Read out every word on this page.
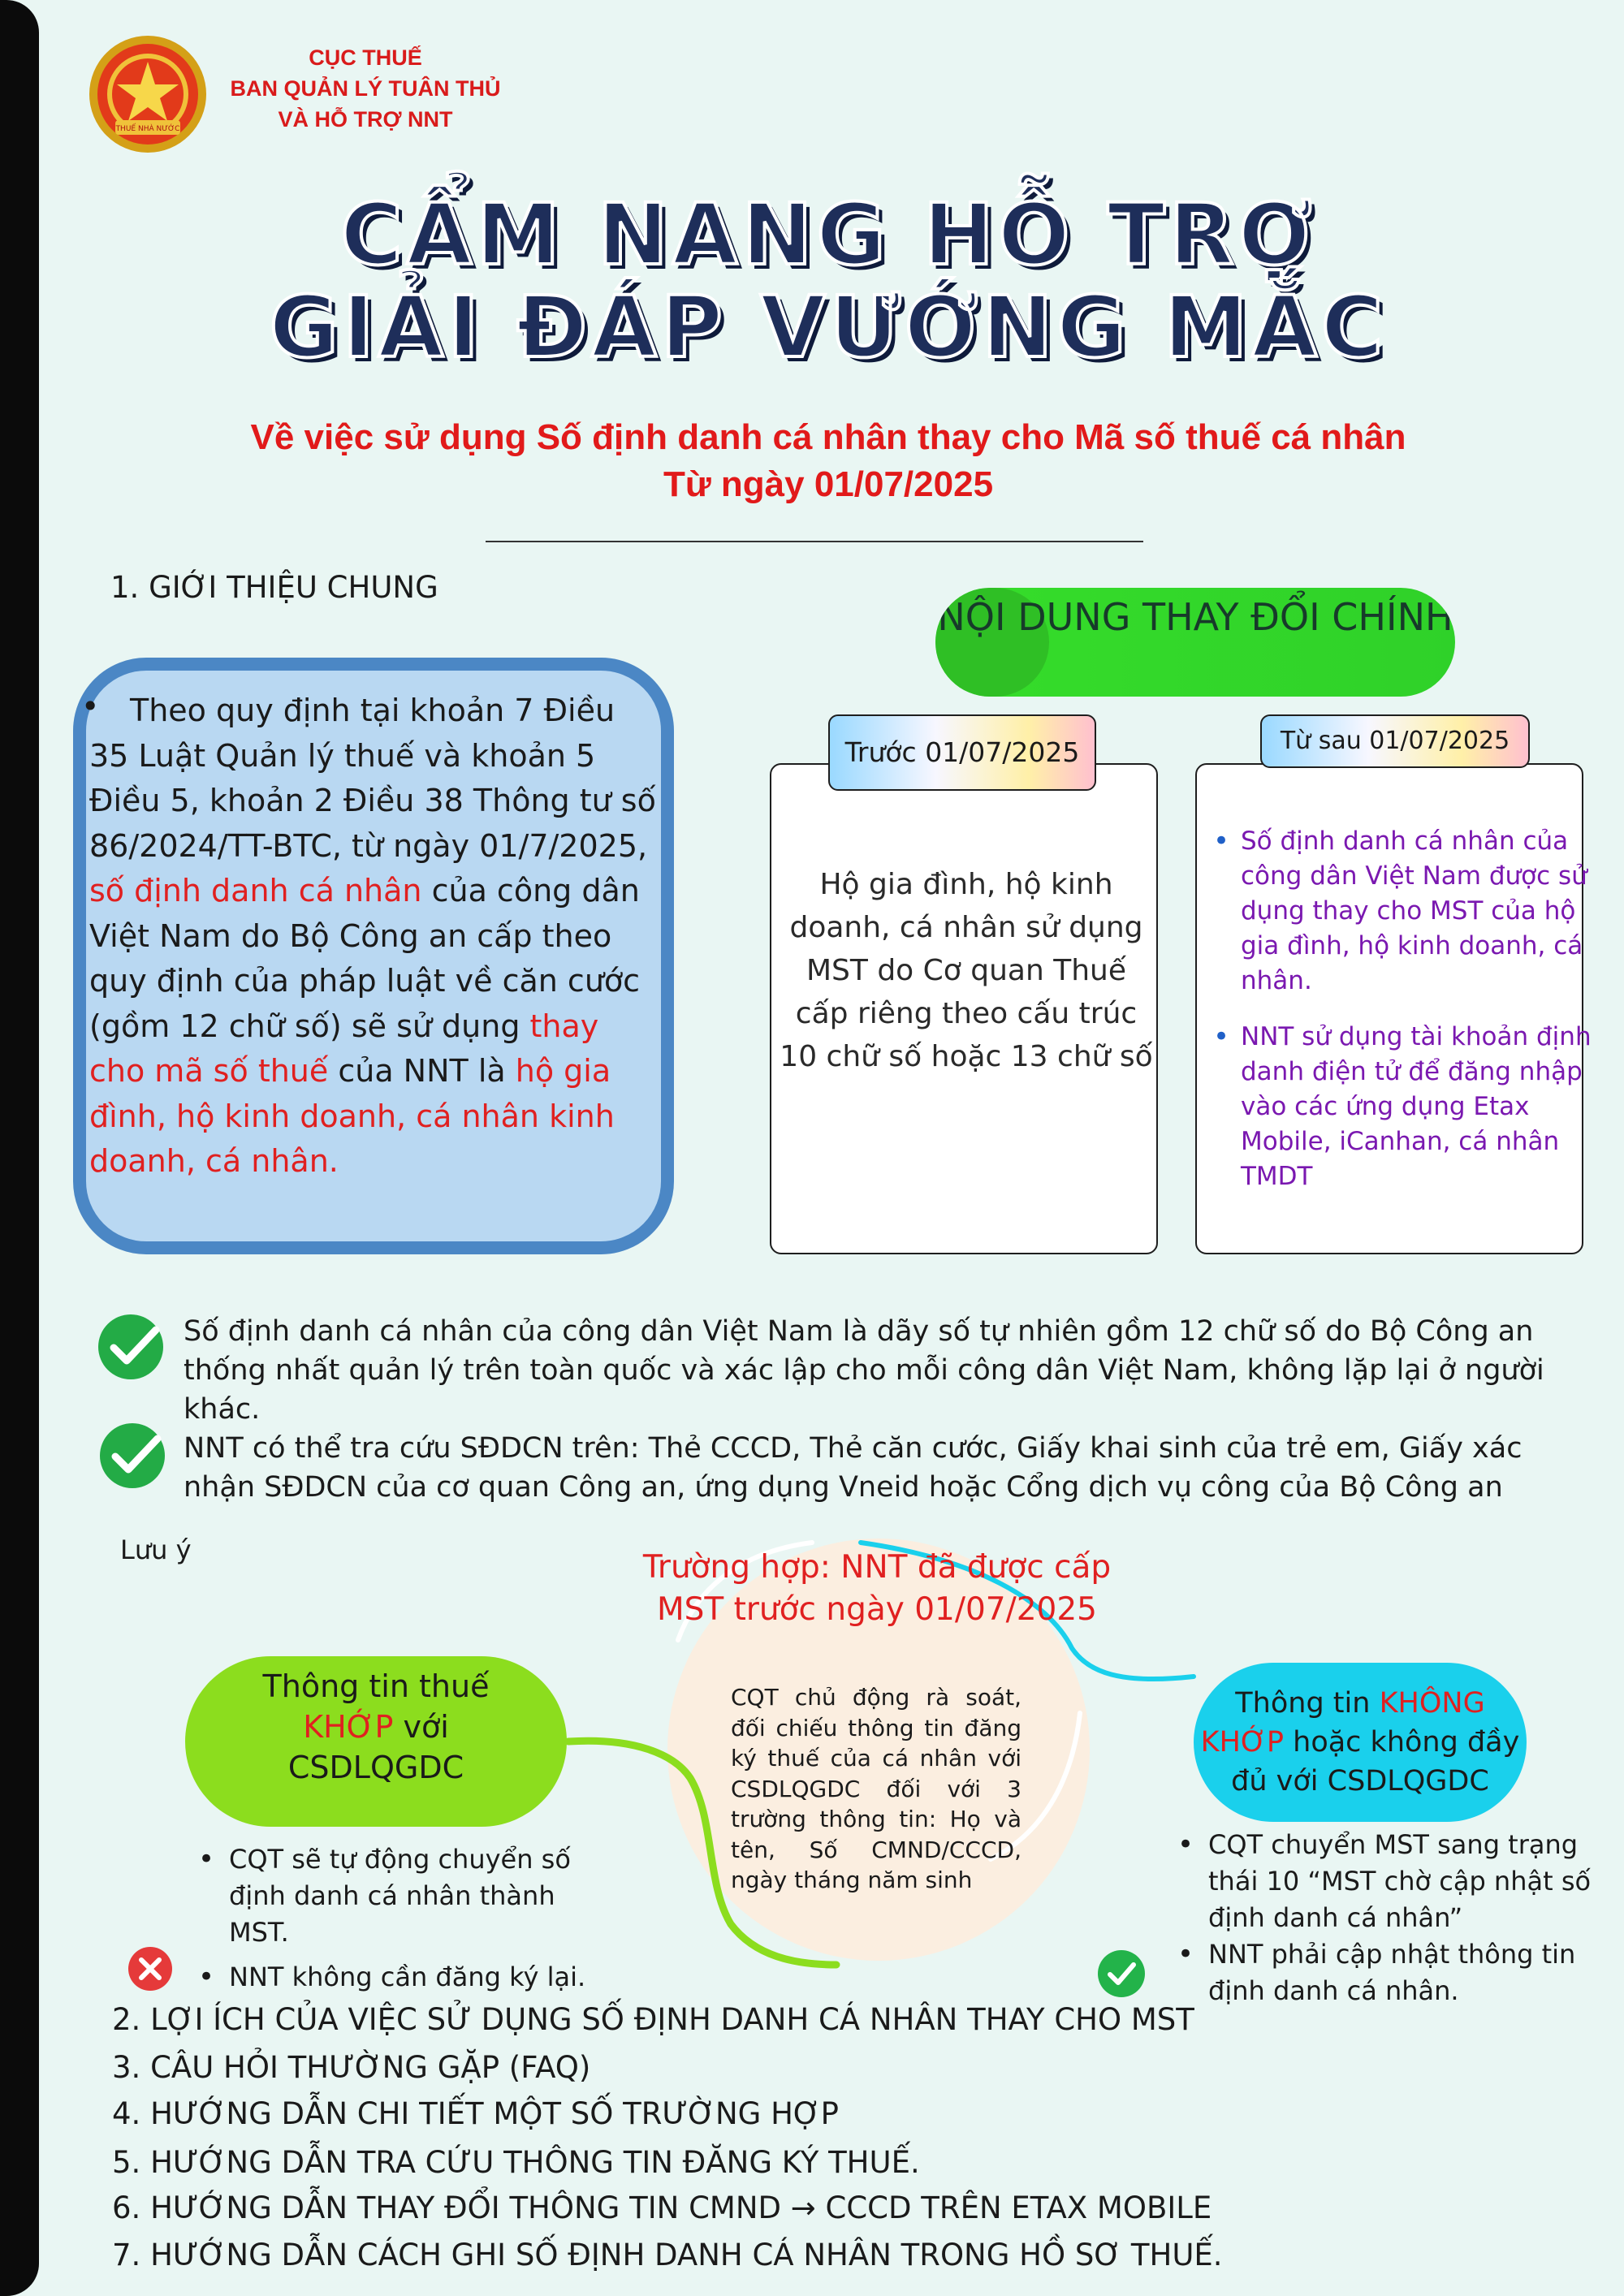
THUẾ NHÀ NƯỚC
CỤC THUẾ
BAN QUẢN LÝ TUÂN THỦ
VÀ HỖ TRỢ NNT
CẨM NANG HỖ TRỢ
GIẢI ĐÁP VƯỚNG MẮC
Về việc sử dụng Số định danh cá nhân thay cho Mã số thuế cá nhân
Từ ngày 01/07/2025
1. GIỚI THIỆU CHUNG
• Theo quy định tại khoản 7 Điều 35 Luật Quản lý thuế và khoản 5 Điều 5, khoản 2 Điều 38 Thông tư số 86/2024/TT-BTC, từ ngày 01/7/2025, số định danh cá nhân của công dân Việt Nam do Bộ Công an cấp theo quy định của pháp luật về căn cước (gồm 12 chữ số) sẽ sử dụng thay cho mã số thuế của NNT là hộ gia đình, hộ kinh doanh, cá nhân kinh doanh, cá nhân.
NỘI DUNG THAY ĐỔI CHÍNH
Trước 01/07/2025
Hộ gia đình, hộ kinh doanh, cá nhân sử dụng MST do Cơ quan Thuế cấp riêng theo cấu trúc 10 chữ số hoặc 13 chữ số
Từ sau 01/07/2025
• Số định danh cá nhân của công dân Việt Nam được sử dụng thay cho MST của hộ gia đình, hộ kinh doanh, cá nhân.
• NNT sử dụng tài khoản định danh điện tử để đăng nhập vào các ứng dụng Etax Mobile, iCanhan, cá nhân TMDT
Số định danh cá nhân của công dân Việt Nam là dãy số tự nhiên gồm 12 chữ số do Bộ Công an thống nhất quản lý trên toàn quốc và xác lập cho mỗi công dân Việt Nam, không lặp lại ở người khác.
NNT có thể tra cứu SĐDCN trên: Thẻ CCCD, Thẻ căn cước, Giấy khai sinh của trẻ em, Giấy xác nhận SĐDCN của cơ quan Công an, ứng dụng Vneid hoặc Cổng dịch vụ công của Bộ Công an
Lưu ý	Trường hợp: NNT đã được cấp MST trước ngày 01/07/2025
CQT chủ động rà soát, đối chiếu thông tin đăng ký thuế của cá nhân với CSDLQGDC đối với 3 trường thông tin: Họ và tên, Số CMND/CCCD, ngày tháng năm sinh
Thông tin thuế
KHỚP với
CSDLQGDC
• CQT sẽ tự động chuyển số định danh cá nhân thành MST.
• NNT không cần đăng ký lại.
Thông tin KHÔNG
KHỚP hoặc không đầy
đủ với CSDLQGDC
• CQT chuyển MST sang trạng thái 10 “MST chờ cập nhật số định danh cá nhân”
• NNT phải cập nhật thông tin định danh cá nhân.
2. LỢI ÍCH CỦA VIỆC SỬ DỤNG SỐ ĐỊNH DANH CÁ NHÂN THAY CHO MST
3. CÂU HỎI THƯỜNG GẶP (FAQ)
4. HƯỚNG DẪN CHI TIẾT MỘT SỐ TRƯỜNG HỢP
5. HƯỚNG DẪN TRA CỨU THÔNG TIN ĐĂNG KÝ THUẾ.
6. HƯỚNG DẪN THAY ĐỔI THÔNG TIN CMND → CCCD TRÊN ETAX MOBILE
7. HƯỚNG DẪN CÁCH GHI SỐ ĐỊNH DANH CÁ NHÂN TRONG HỒ SƠ THUẾ.
